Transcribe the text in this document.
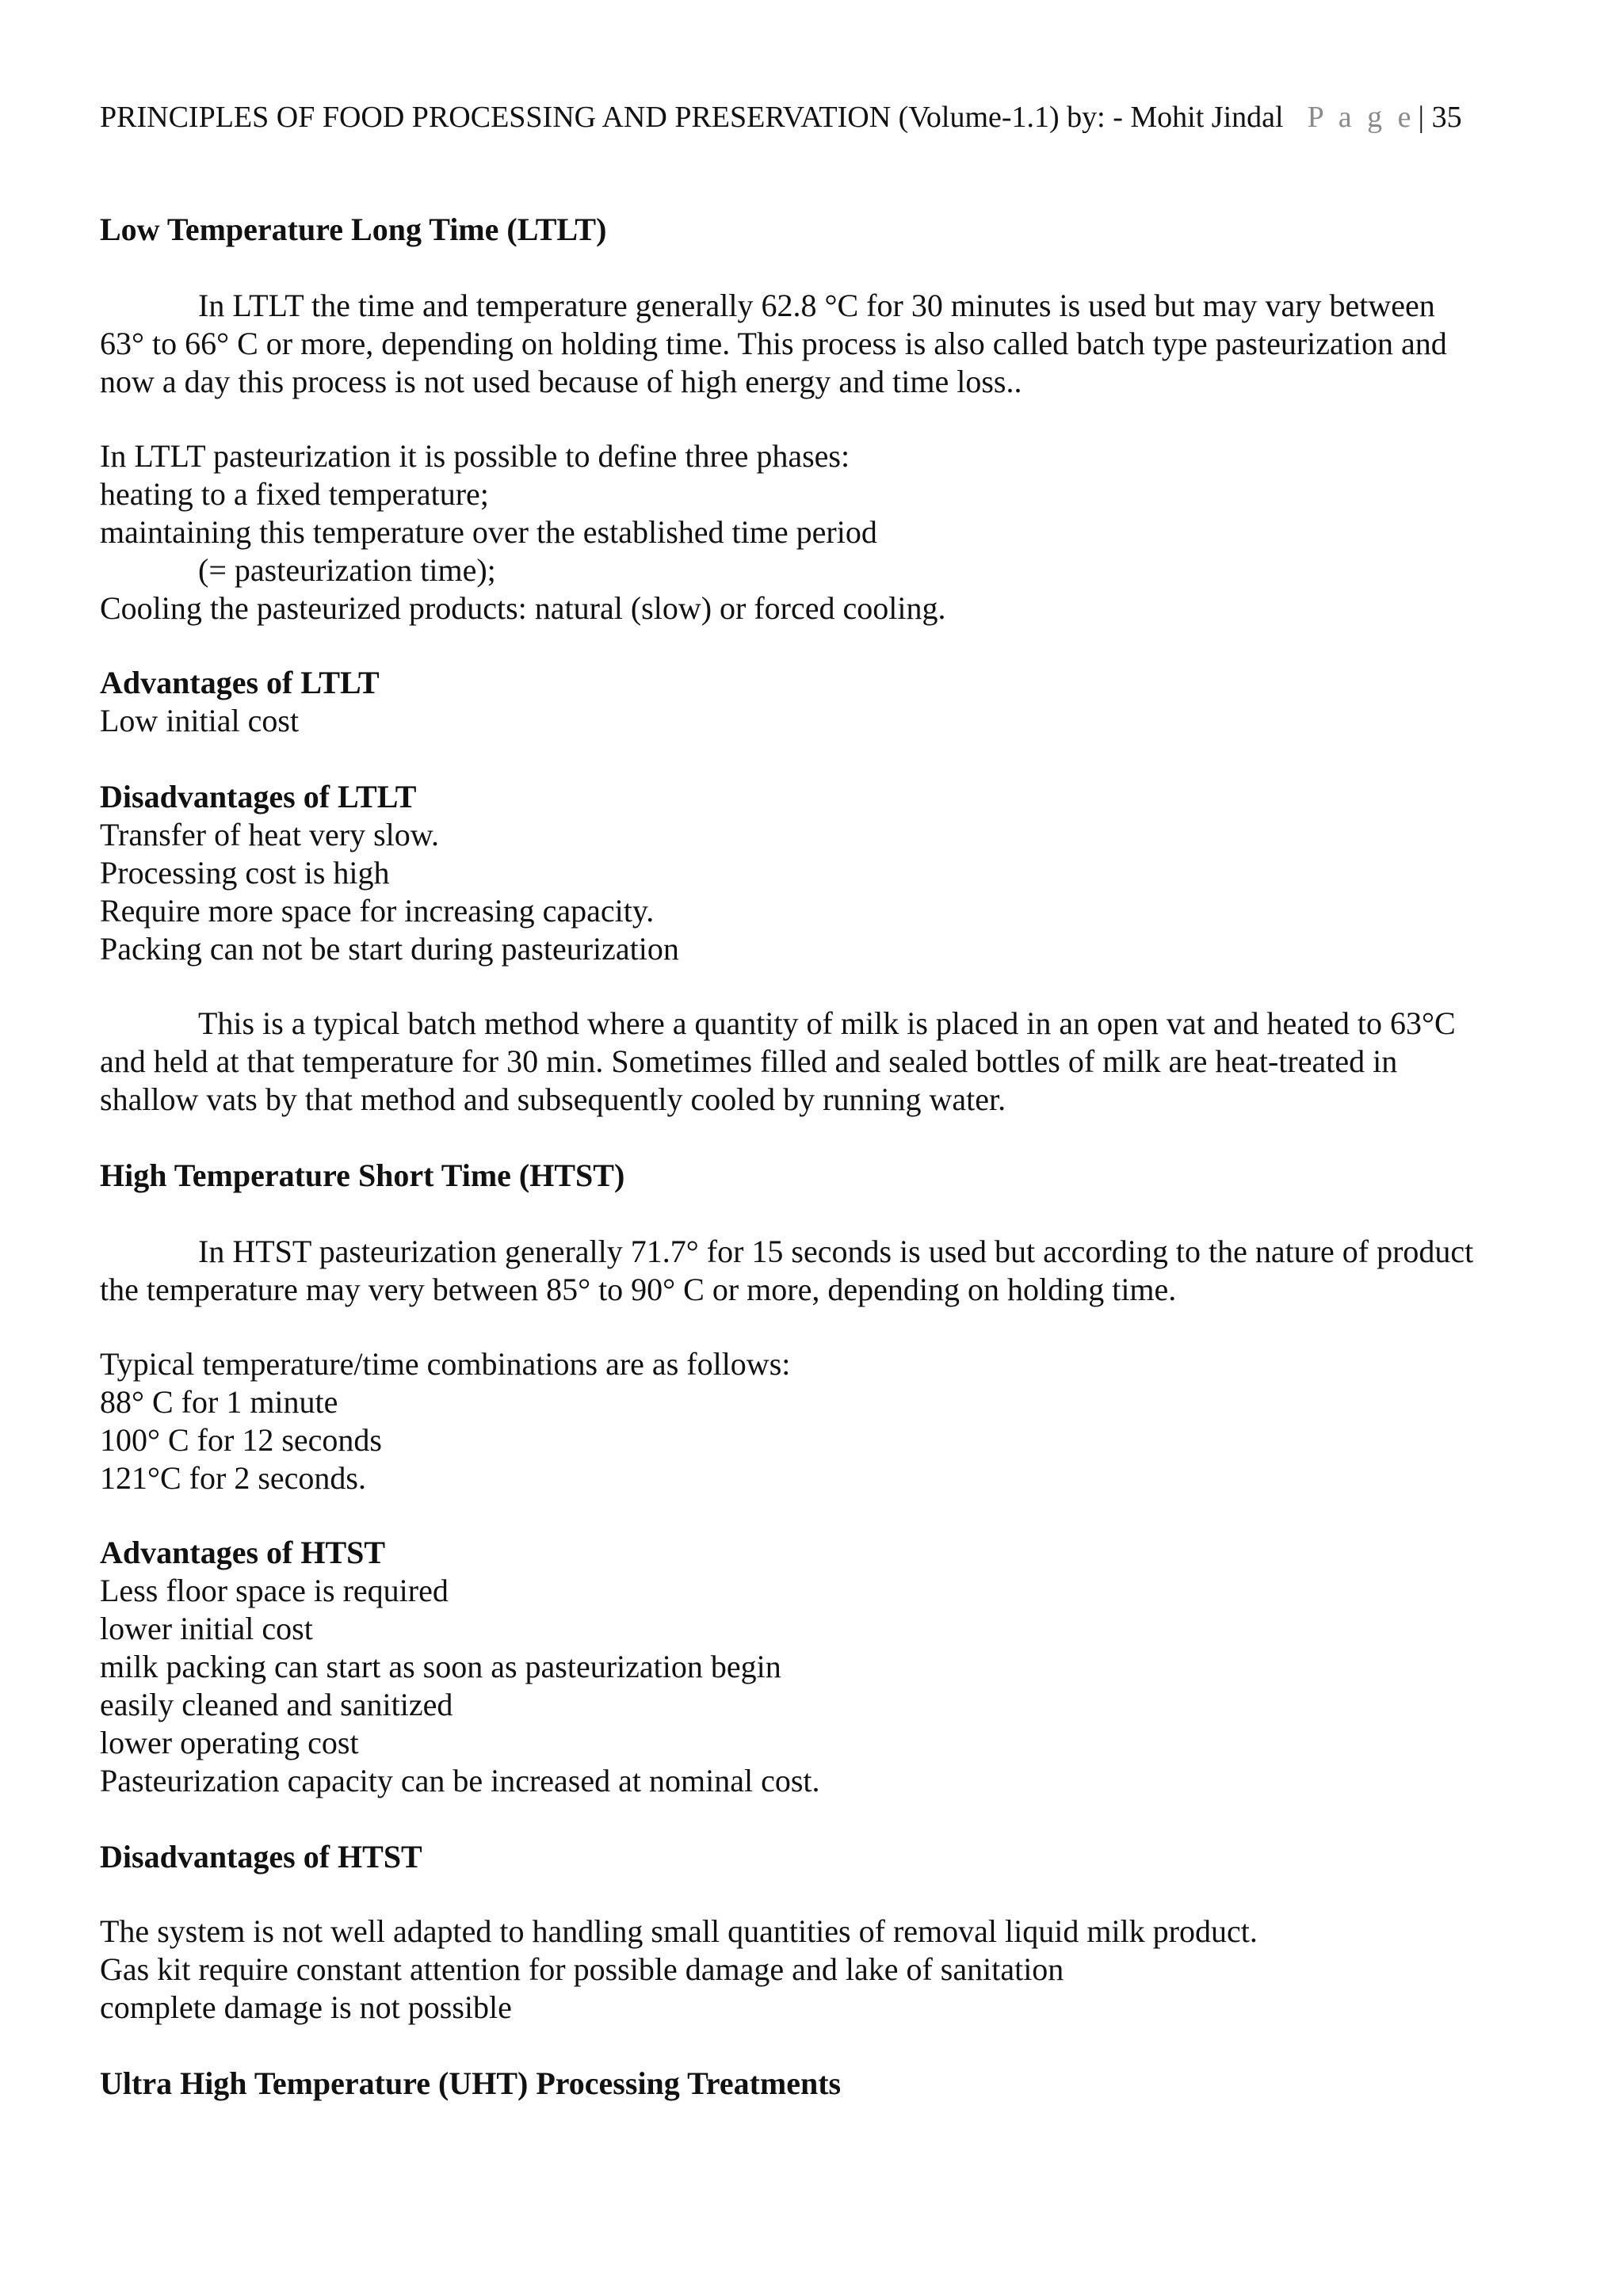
PRINCIPLES OF FOOD PROCESSING AND PRESERVATION (Volume-1.1) by: - Mohit Jindal P a g e | 35
Low Temperature Long Time (LTLT)
In LTLT the time and temperature generally 62.8 °C for 30 minutes is used but may vary between
63° to 66° C or more, depending on holding time. This process is also called batch type pasteurization and
now a day this process is not used because of high energy and time loss..
In LTLT pasteurization it is possible to define three phases:
heating to a fixed temperature;
maintaining this temperature over the established time period
(= pasteurization time);
Cooling the pasteurized products: natural (slow) or forced cooling.
Advantages of LTLT
Low initial cost
Disadvantages of LTLT
Transfer of heat very slow.
Processing cost is high
Require more space for increasing capacity.
Packing can not be start during pasteurization
This is a typical batch method where a quantity of milk is placed in an open vat and heated to 63°C
and held at that temperature for 30 min. Sometimes filled and sealed bottles of milk are heat-treated in
shallow vats by that method and subsequently cooled by running water.
High Temperature Short Time (HTST)
In HTST pasteurization generally 71.7° for 15 seconds is used but according to the nature of product
the temperature may very between 85° to 90° C or more, depending on holding time.
Typical temperature/time combinations are as follows:
88° C for 1 minute
100° C for 12 seconds
121°C for 2 seconds.
Advantages of HTST
Less floor space is required
lower initial cost
milk packing can start as soon as pasteurization begin
easily cleaned and sanitized
lower operating cost
Pasteurization capacity can be increased at nominal cost.
Disadvantages of HTST
The system is not well adapted to handling small quantities of removal liquid milk product.
Gas kit require constant attention for possible damage and lake of sanitation
complete damage is not possible
Ultra High Temperature (UHT) Processing Treatments
